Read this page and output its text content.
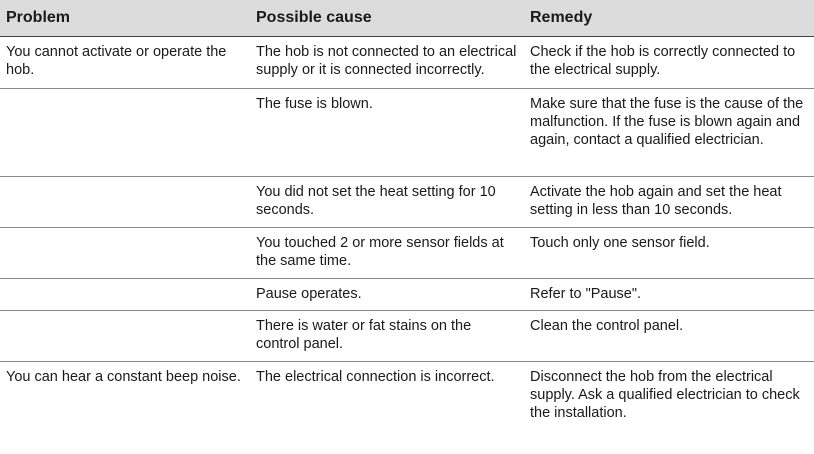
Problem	Possible cause	Remedy
You cannot activate or operate the hob.	The hob is not connected to an electrical supply or it is connected incorrectly.	Check if the hob is correctly connected to the electrical supply.
	The fuse is blown.	Make sure that the fuse is the cause of the malfunction. If the fuse is blown again and again, contact a qualified electrician.
	You did not set the heat setting for 10 seconds.	Activate the hob again and set the heat setting in less than 10 seconds.
	You touched 2 or more sensor fields at the same time.	Touch only one sensor field.
	Pause operates.	Refer to "Pause".
	There is water or fat stains on the control panel.	Clean the control panel.
You can hear a constant beep noise.	The electrical connection is incorrect.	Disconnect the hob from the electrical supply. Ask a qualified electrician to check the installation.
